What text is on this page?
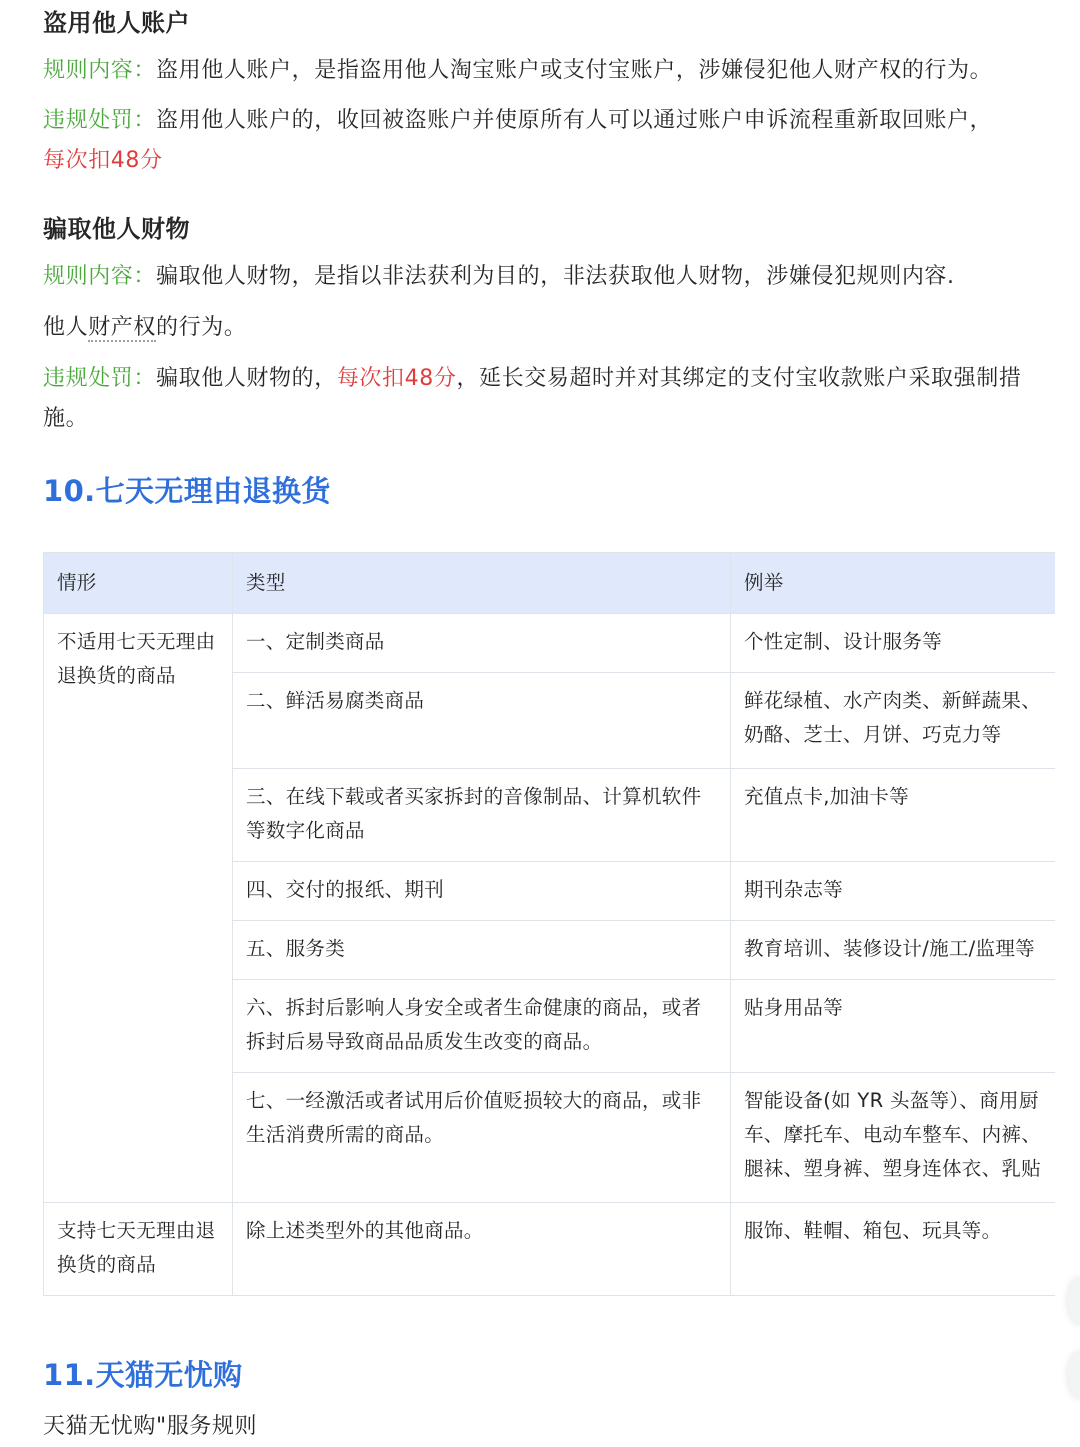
盗用他人账户
规则内容：盗用他人账户，是指盗用他人淘宝账户或支付宝账户，涉嫌侵犯他人财产权的行为。
违规处罚：盗用他人账户的，收回被盗账户并使原所有人可以通过账户申诉流程重新取回账户，
每次扣48分
骗取他人财物
规则内容：骗取他人财物，是指以非法获利为目的，非法获取他人财物，涉嫌侵犯规则内容.
他人财产权的行为。
违规处罚：骗取他人财物的，每次扣48分，延长交易超时并对其绑定的支付宝收款账户采取强制措施。
10.七天无理由退换货
情形	类型	例举
不适用七天无理由退换货的商品	一、定制类商品	个性定制、设计服务等
	二、鲜活易腐类商品	鲜花绿植、水产肉类、新鲜蔬果、
奶酪、芝士、月饼、巧克力等

	三、在线下载或者买家拆封的音像制品、计算机软件等数字化商品	充值点卡,加油卡等
	四、交付的报纸、期刊	期刊杂志等
	五、服务类	教育培训、装修设计/施工/监理等
	六、拆封后影响人身安全或者生命健康的商品，或者拆封后易导致商品品质发生改变的商品。	贴身用品等
	七、一经激活或者试用后价值贬损较大的商品，或非生活消费所需的商品。	智能设备(如 YR 头盔等）、商用厨
车、摩托车、电动车整车、内裤、
腿袜、塑身裤、塑身连体衣、乳贴

支持七天无理由退换货的商品	除上述类型外的其他商品。	服饰、鞋帽、箱包、玩具等。
11.天猫无忧购
天猫无忧购"服务规则
